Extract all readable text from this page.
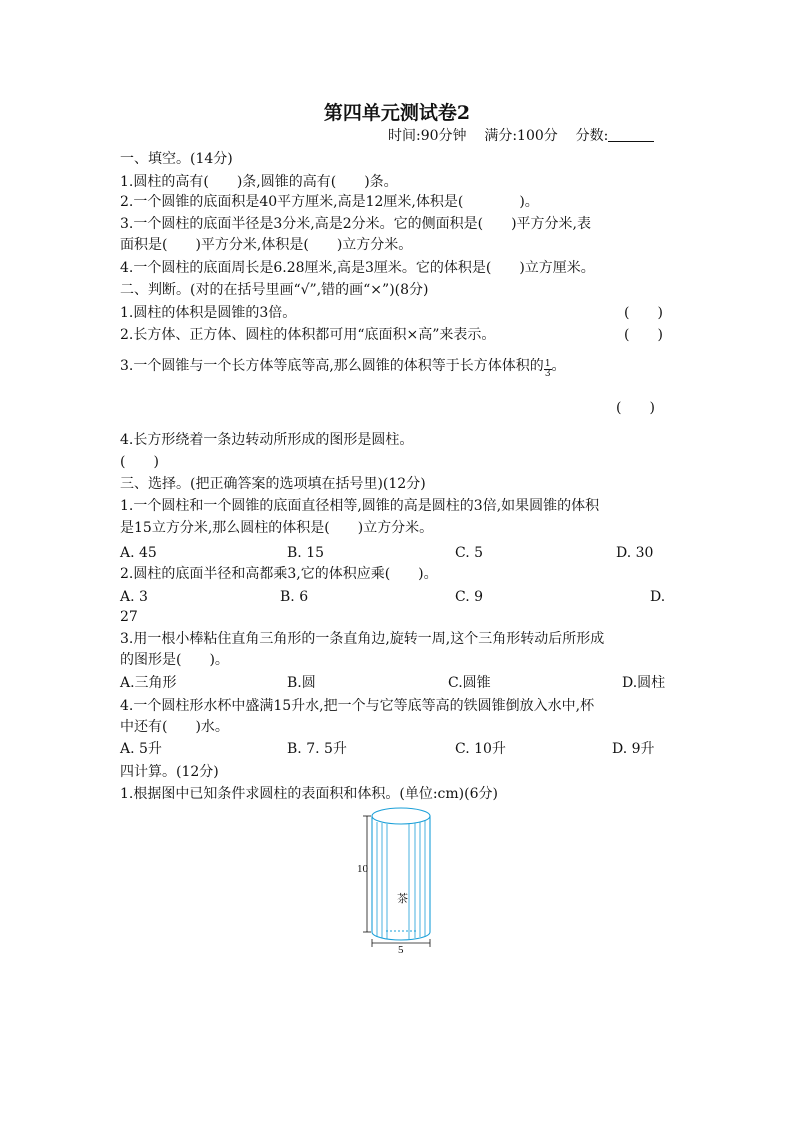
第四单元测试卷2
时间:90分钟 满分:100分 分数:
一、填空。(14分)
1.圆柱的高有(　　)条,圆锥的高有(　　)条。
2.一个圆锥的底面积是40平方厘米,高是12厘米,体积是(　　　　)。
3.一个圆柱的底面半径是3分米,高是2分米。它的侧面积是(　　)平方分米,表
面积是(　　)平方分米,体积是(　　)立方分米。
4.一个圆柱的底面周长是6.28厘米,高是3厘米。它的体积是(　　)立方厘米。
二、判断。(对的在括号里画“√”,错的画“×”)(8分)
1.圆柱的体积是圆锥的3倍。	(　　)
2.长方体、正方体、圆柱的体积都可用“底面积×高”来表示。	(　　)
3.一个圆锥与一个长方体等底等高,那么圆锥的体积等于长方体体积的 $\frac{1}{3}$ 。
(　　)
4.长方形绕着一条边转动所形成的图形是圆柱。
(　　)
三、选择。(把正确答案的选项填在括号里)(12分)
1.一个圆柱和一个圆锥的底面直径相等,圆锥的高是圆柱的3倍,如果圆锥的体积
是15立方分米,那么圆柱的体积是(　　)立方分米。
A. 45	B. 15	C. 5	D. 30
2.圆柱的底面半径和高都乘3,它的体积应乘(　　)。
A. 3	B. 6	C. 9	D.
27
3.用一根小棒粘住直角三角形的一条直角边,旋转一周,这个三角形转动后所形成
的图形是(　　)。
A.三角形	B.圆	C.圆锥	D.圆柱
4.一个圆柱形水杯中盛满15升水,把一个与它等底等高的铁圆锥倒放入水中,杯
中还有(　　)水。
A. 5升	B. 7. 5升	C. 10升	D. 9升
四计算。(12分)
1.根据图中已知条件求圆柱的表面积和体积。(单位:cm)(6分)
10
茶
5
